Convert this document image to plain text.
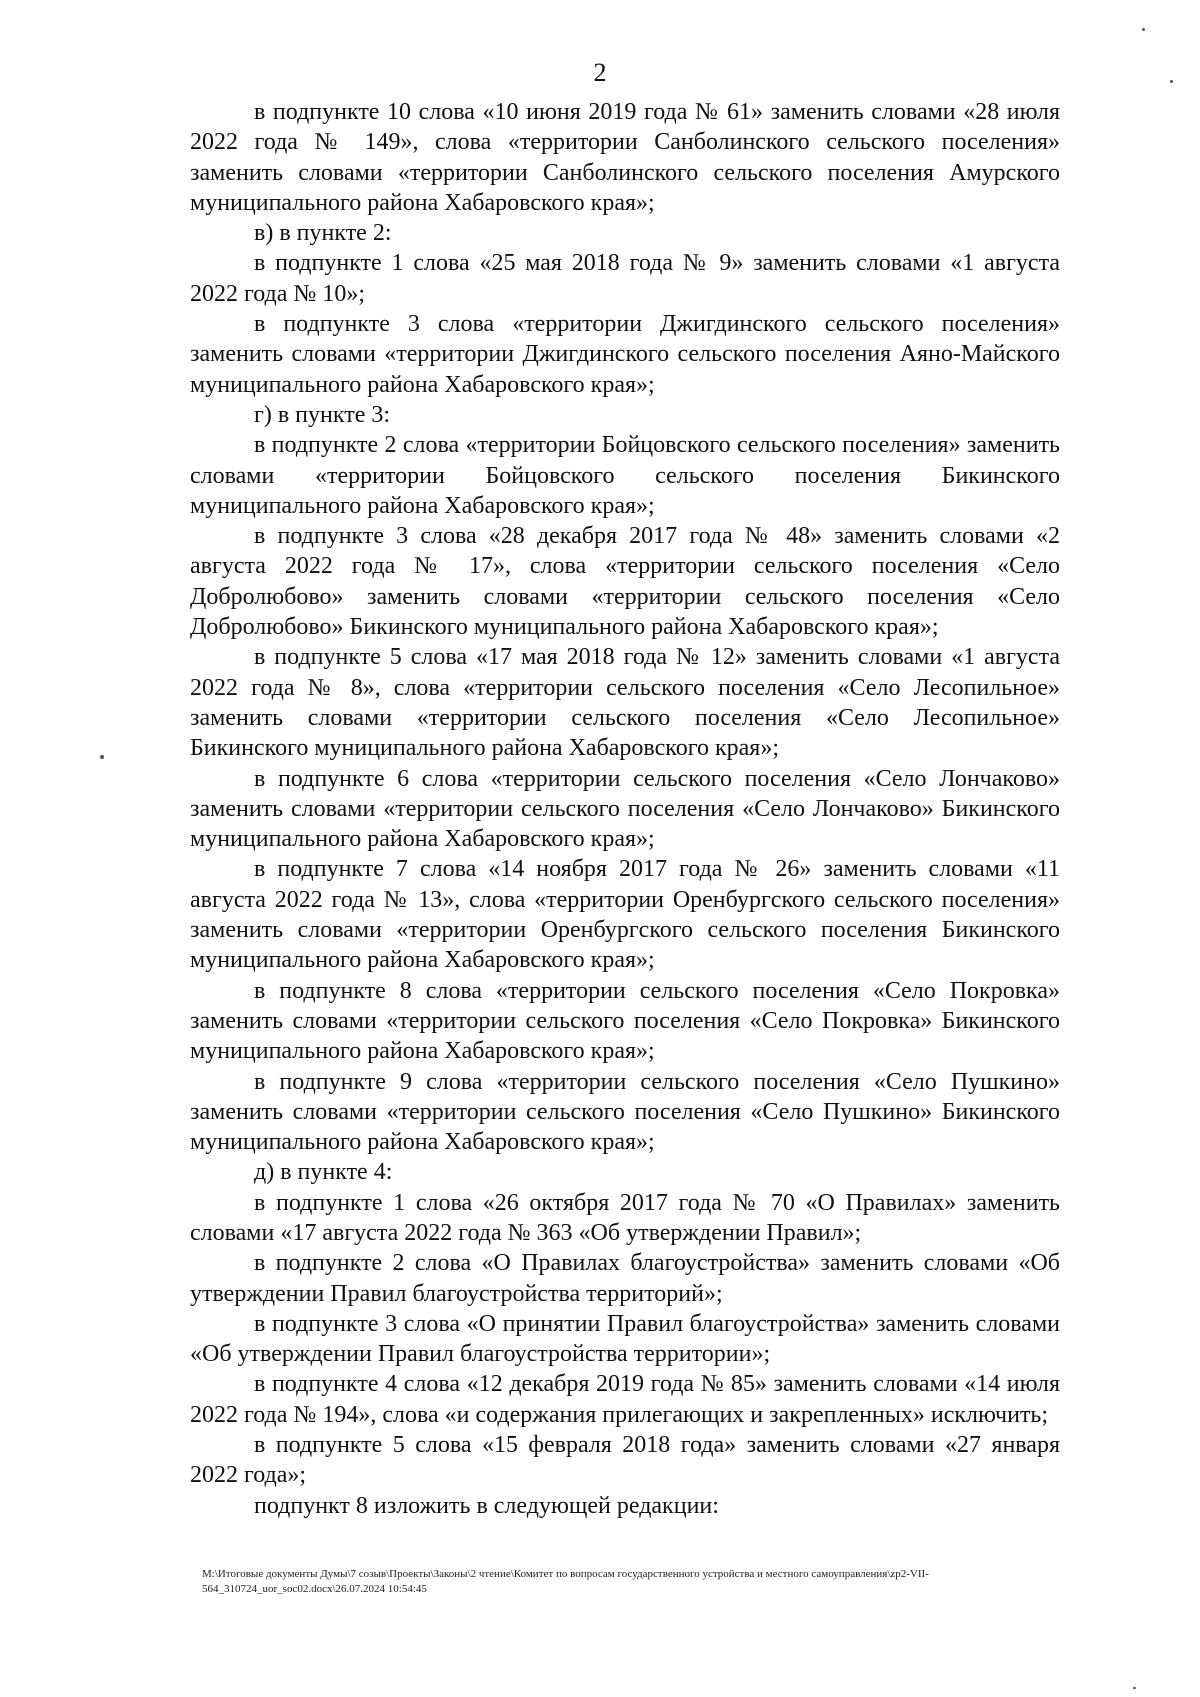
2

в подпункте 10 слова «10 июня 2019 года № 61» заменить словами «28 июля 2022 года № 149», слова «территории Санболинского сельского поселения» заменить словами «территории Санболинского сельского поселения Амурского муниципального района Хабаровского края»;

в) в пункте 2:

в подпункте 1 слова «25 мая 2018 года № 9» заменить словами «1 августа 2022 года № 10»;

в подпункте 3 слова «территории Джигдинского сельского поселения» заменить словами «территории Джигдинского сельского поселения Аяно-Майского муниципального района Хабаровского края»;

г) в пункте 3:

в подпункте 2 слова «территории Бойцовского сельского поселения» заменить словами «территории Бойцовского сельского поселения Бикинского муниципального района Хабаровского края»;

в подпункте 3 слова «28 декабря 2017 года № 48» заменить словами «2 августа 2022 года № 17», слова «территории сельского поселения «Село Добролюбово» заменить словами «территории сельского поселения «Село Добролюбово» Бикинского муниципального района Хабаровского края»;

в подпункте 5 слова «17 мая 2018 года № 12» заменить словами «1 августа 2022 года № 8», слова «территории сельского поселения «Село Лесопильное» заменить словами «территории сельского поселения «Село Лесопильное» Бикинского муниципального района Хабаровского края»;

в подпункте 6 слова «территории сельского поселения «Село Лончаково» заменить словами «территории сельского поселения «Село Лончаково» Бикинского муниципального района Хабаровского края»;

в подпункте 7 слова «14 ноября 2017 года № 26» заменить словами «11 августа 2022 года № 13», слова «территории Оренбургского сельского поселения» заменить словами «территории Оренбургского сельского поселения Бикинского муниципального района Хабаровского края»;

в подпункте 8 слова «территории сельского поселения «Село Покровка» заменить словами «территории сельского поселения «Село Покровка» Бикинского муниципального района Хабаровского края»;

в подпункте 9 слова «территории сельского поселения «Село Пушкино» заменить словами «территории сельского поселения «Село Пушкино» Бикинского муниципального района Хабаровского края»;

д) в пункте 4:

в подпункте 1 слова «26 октября 2017 года № 70 «О Правилах» заменить словами «17 августа 2022 года № 363 «Об утверждении Правил»;

в подпункте 2 слова «О Правилах благоустройства» заменить словами «Об утверждении Правил благоустройства территорий»;

в подпункте 3 слова «О принятии Правил благоустройства» заменить словами «Об утверждении Правил благоустройства территории»;

в подпункте 4 слова «12 декабря 2019 года № 85» заменить словами «14 июля 2022 года № 194», слова «и содержания прилегающих и закрепленных» исключить;

в подпункте 5 слова «15 февраля 2018 года» заменить словами «27 января 2022 года»;

подпункт 8 изложить в следующей редакции:

M:\Итоговые документы Думы\7 созыв\Проекты\Законы\2 чтение\Комитет по вопросам государственного устройства и местного самоуправления\zp2-VII-564_310724_uor_soc02.docx\26.07.2024 10:54:45
